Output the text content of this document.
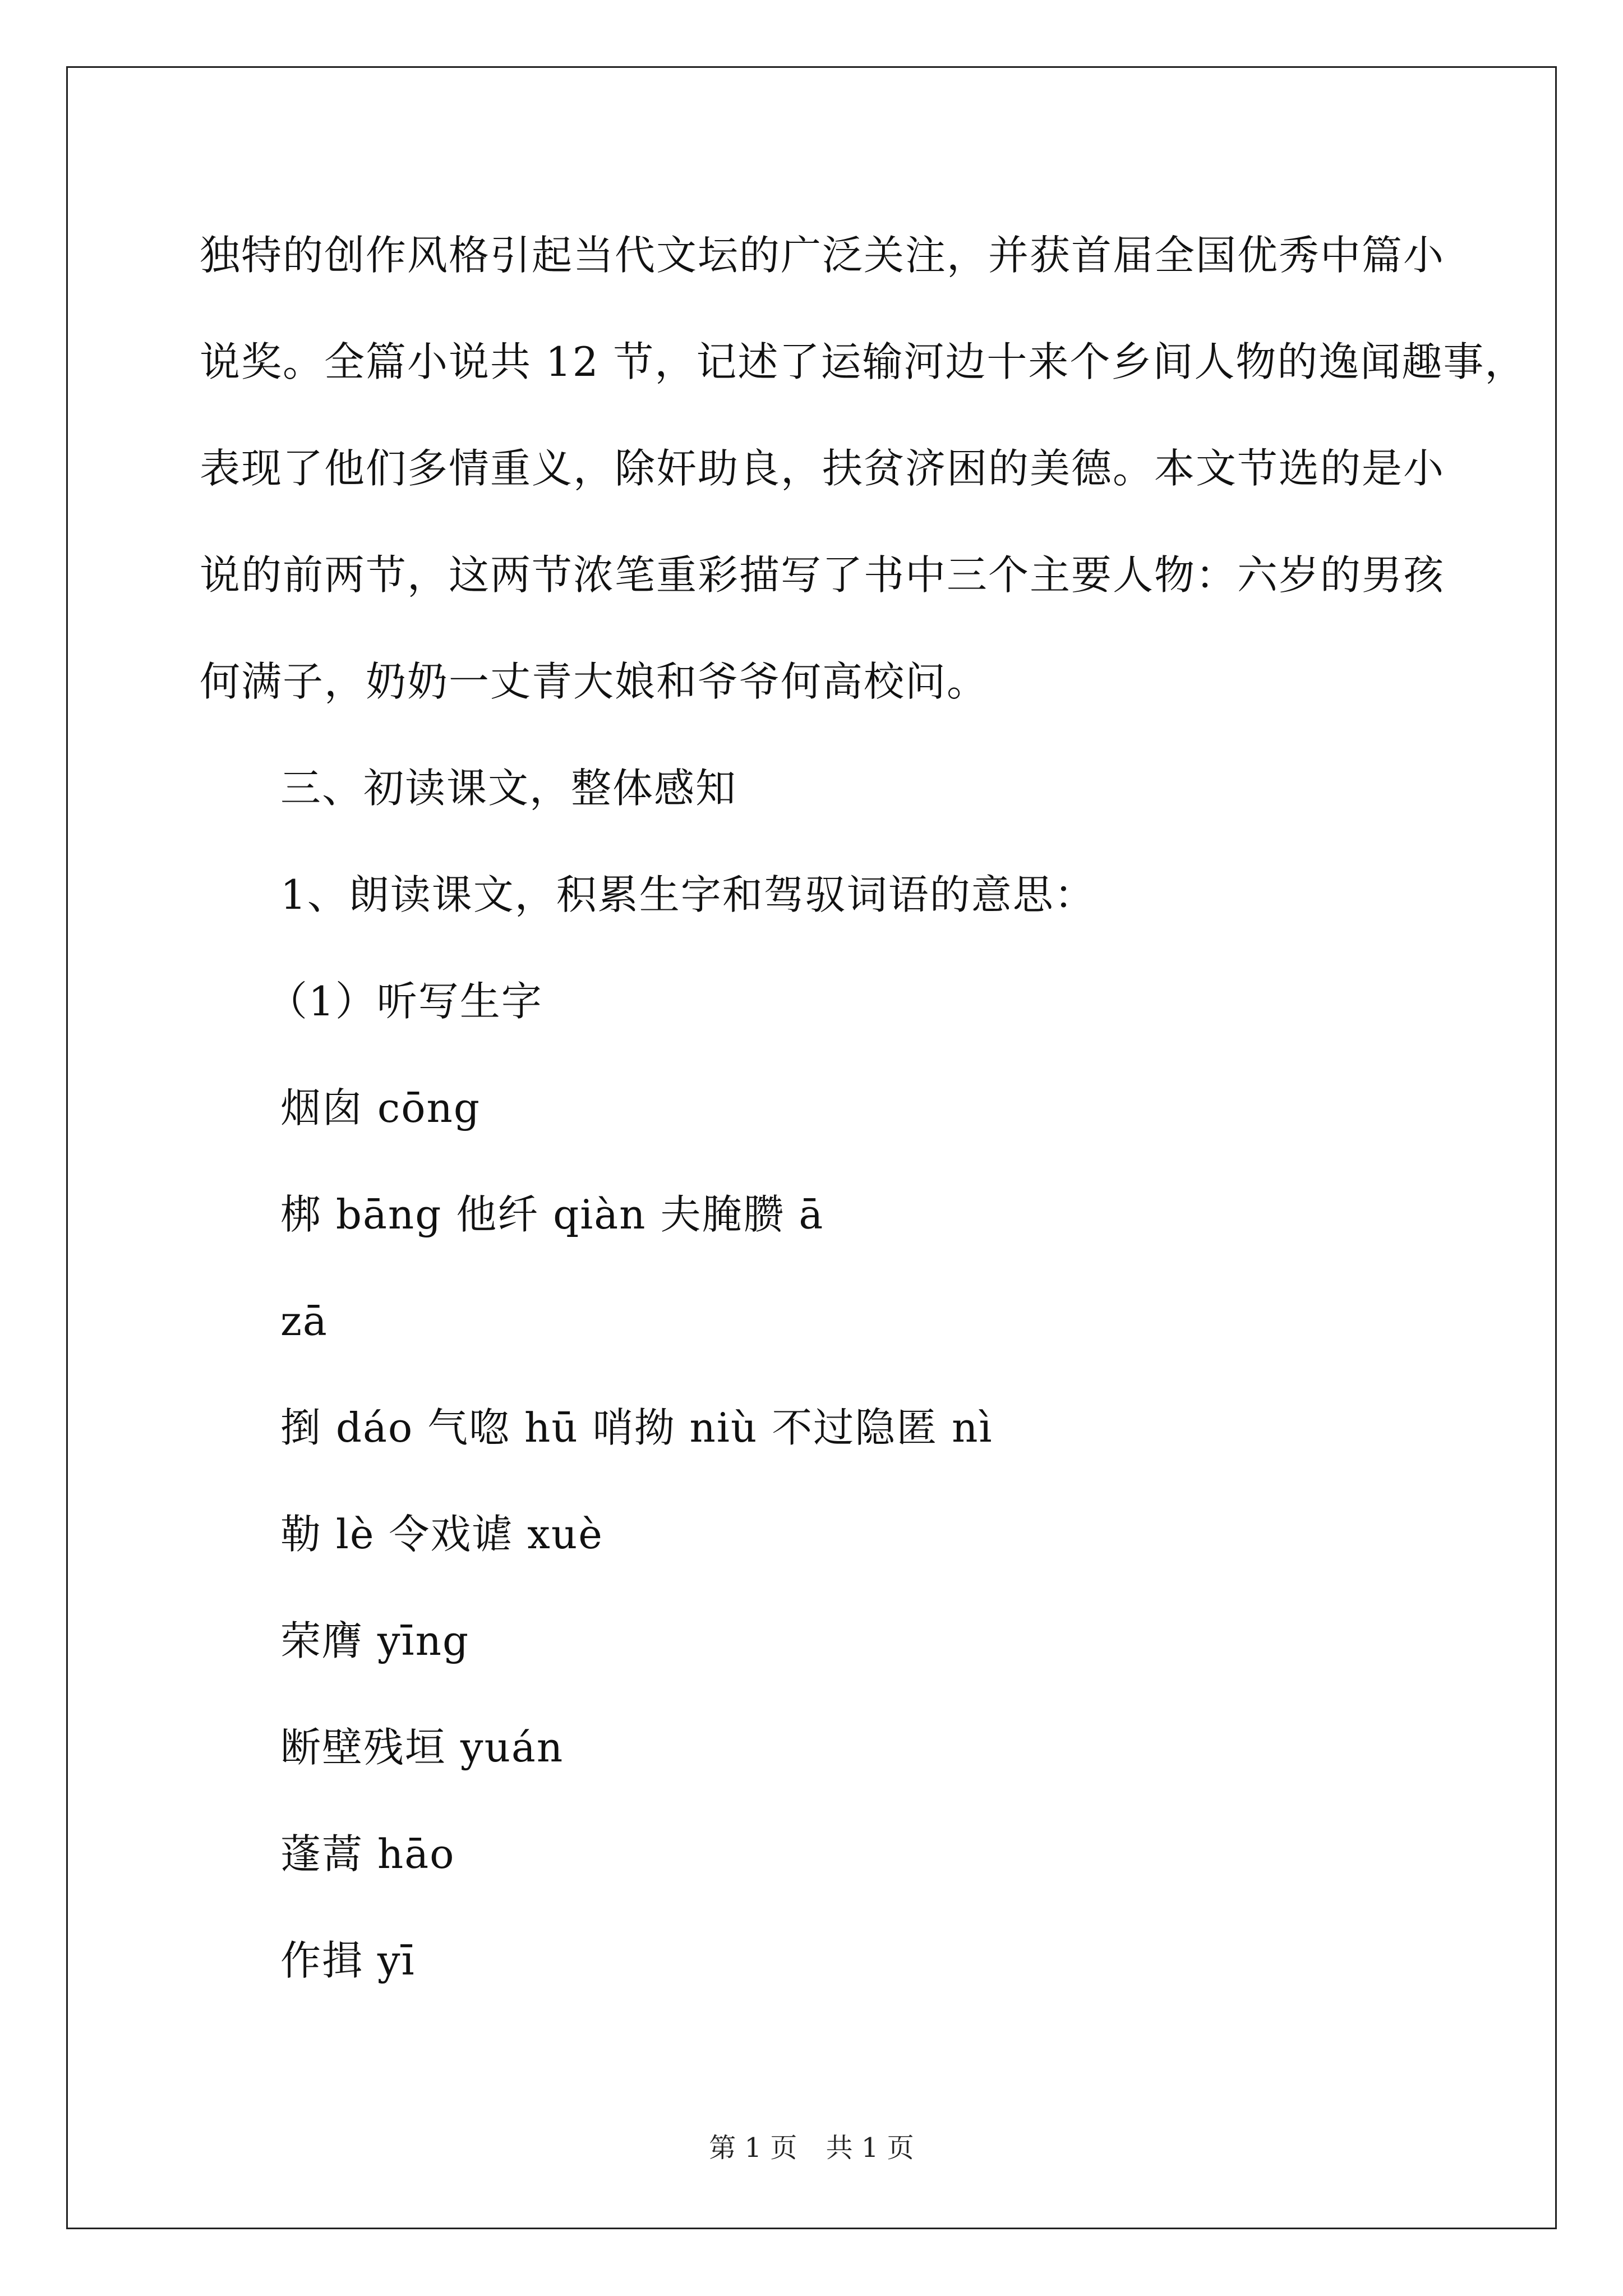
独特的创作风格引起当代文坛的广泛关注，并获首届全国优秀中篇小
说奖。全篇小说共 12 节，记述了运输河边十来个乡间人物的逸闻趣事，
表现了他们多情重义，除奸助良，扶贫济困的美德。本文节选的是小
说的前两节，这两节浓笔重彩描写了书中三个主要人物：六岁的男孩
何满子，奶奶一丈青大娘和爷爷何高校问。
三、初读课文，整体感知
1、朗读课文，积累生字和驾驭词语的意思：
（1）听写生字
烟囱 cōng
梆 bāng 他纤 qiàn 夫腌臜 ā
zā
捯 dáo 气唿 hū 哨拗 niù 不过隐匿 nì
勒 lè 令戏谑 xuè
荣膺 yīng
断壁残垣 yuán
蓬蒿 hāo
作揖 yī
第 1 页 共 1 页
